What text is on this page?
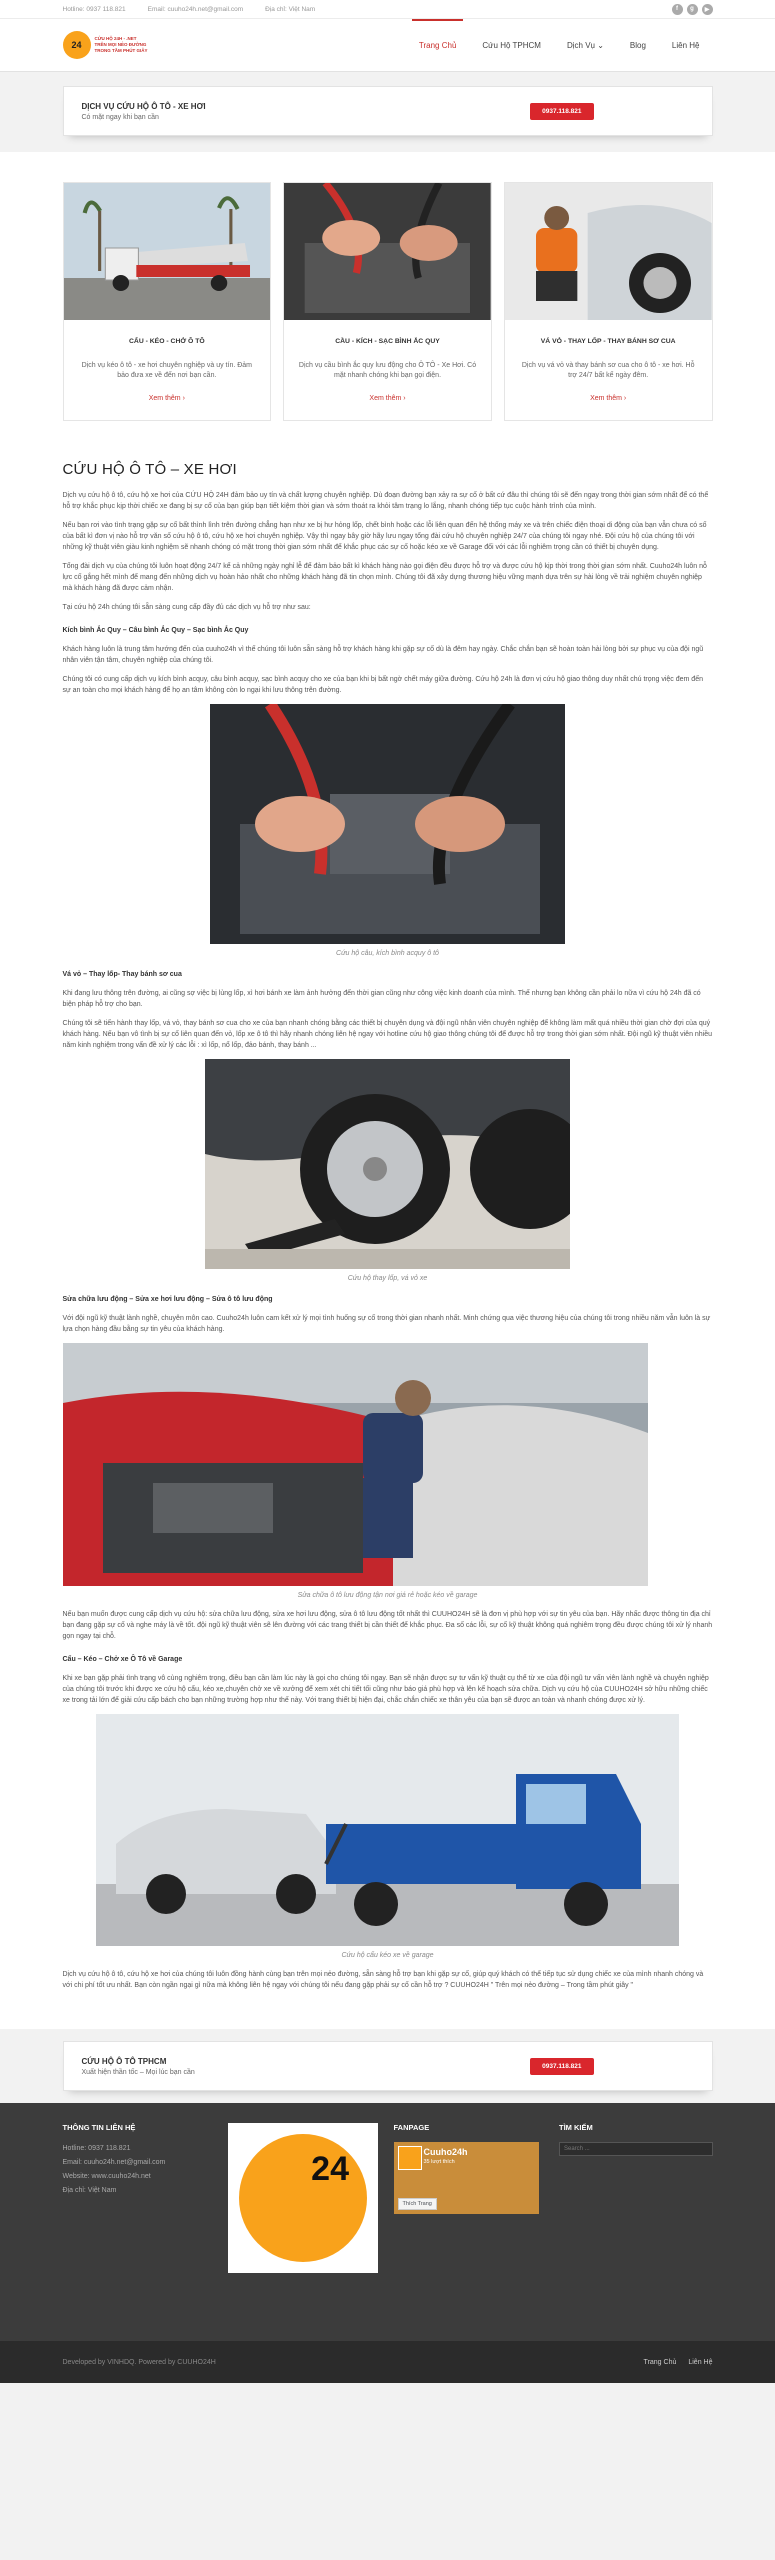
Hotline: 0937 118.821	Email: cuuho24h.net@gmail.com	Địa chỉ: Việt Nam	f	g	▶
24
CỨU HỘ 24H - .NET
TRÊN MỌI NẺO ĐƯỜNG
TRONG TẦM PHÚT GIÂY
Trang Chủ	Cứu Hộ TPHCM	Dịch Vụ ⌄	Blog	Liên Hệ
DỊCH VỤ CỨU HỘ Ô TÔ - XE HƠI
Có mặt ngay khi bạn cần
0937.118.821
CẨU - KÉO - CHỞ Ô TÔ
Dịch vụ kéo ô tô - xe hơi chuyên nghiệp và uy tín. Đảm bảo đưa xe về đến nơi bạn cần.
Xem thêm ›
CẦU - KÍCH - SẠC BÌNH ẮC QUY
Dịch vụ cầu bình ắc quy lưu động cho Ô TÔ - Xe Hơi. Có mặt nhanh chóng khi bạn gọi điện.
Xem thêm ›
VÁ VỎ - THAY LỐP - THAY BÁNH SƠ CUA
Dịch vụ vá vỏ và thay bánh sơ cua cho ô tô - xe hơi. Hỗ trợ 24/7 bất kể ngày đêm.
Xem thêm ›
CỨU HỘ Ô TÔ – XE HƠI

Dịch vụ cứu hộ ô tô, cứu hộ xe hơi của CỨU HỘ 24H đảm bảo uy tín và chất lượng chuyên nghiệp. Dù đoạn đường bạn xảy ra sự cố ở bất cứ đâu thì chúng tôi sẽ đến ngay trong thời gian sớm nhất để có thể hỗ trợ khắc phục kịp thời chiếc xe đang bị sự cố của bạn giúp bạn tiết kiệm thời gian và sớm thoát ra khỏi tâm trạng lo lắng, nhanh chóng tiếp tục cuộc hành trình của mình.

Nếu bạn rơi vào tình trạng gặp sự cố bất thình lình trên đường chẳng hạn như xe bị hư hỏng lốp, chết bình hoặc các lỗi liên quan đến hệ thống máy xe và trên chiếc điện thoại di động của bạn vẫn chưa có số của bất kì đơn vị nào hỗ trợ văn số cứu hộ ô tô, cứu hộ xe hơi chuyên nghiệp. Vậy thì ngay bây giờ hãy lưu ngay tổng đài cứu hộ chuyên nghiệp 24/7 của chúng tôi ngay nhé. Đội cứu hộ của chúng tôi với những kỹ thuật viên giàu kinh nghiệm sẽ nhanh chóng có mặt trong thời gian sớm nhất để khắc phục các sự cố hoặc kéo xe về Garage đối với các lỗi nghiêm trọng cần có thiết bị chuyên dụng.

Tổng đài dịch vụ của chúng tôi luôn hoạt động 24/7 kể cả những ngày nghỉ lễ để đảm bảo bất kì khách hàng nào gọi điện đều được hỗ trợ và được cứu hộ kịp thời trong thời gian sớm nhất. Cuuho24h luôn nỗ lực cố gắng hết mình để mang đến những dịch vụ hoàn hảo nhất cho những khách hàng đã tin chọn mình. Chúng tôi đã xây dựng thương hiệu vững mạnh dựa trên sự hài lòng về trải nghiệm chuyên nghiệp mà khách hàng đã được cảm nhận.

Tại cứu hộ 24h chúng tôi sẵn sàng cung cấp đầy đủ các dịch vụ hỗ trợ như sau:

Kích bình Ắc Quy – Câu bình Ắc Quy – Sạc bình Ắc Quy

Khách hàng luôn là trung tâm hướng đến của cuuho24h vì thế chúng tôi luôn sẵn sàng hỗ trợ khách hàng khi gặp sự cố dù là đêm hay ngày. Chắc chắn bạn sẽ hoàn toàn hài lòng bởi sự phục vụ của đội ngũ nhân viên tận tâm, chuyên nghiệp của chúng tôi.

Chúng tôi có cung cấp dịch vụ kích bình acquy, câu bình acquy, sạc bình acquy cho xe của bạn khi bị bất ngờ chết máy giữa đường. Cứu hộ 24h là đơn vị cứu hộ giao thông duy nhất chú trọng việc đem đến sự an toàn cho mọi khách hàng để họ an tâm không còn lo ngại khi lưu thông trên đường.

Cứu hộ câu, kích bình acquy ô tô

Vá vỏ – Thay lốp- Thay bánh sơ cua

Khi đang lưu thông trên đường, ai cũng sợ việc bị lủng lốp, xì hơi bánh xe làm ảnh hưởng đến thời gian cũng như công việc kinh doanh của mình. Thế nhưng bạn không cần phải lo nữa vì cứu hộ 24h đã có biện pháp hỗ trợ cho bạn.

Chúng tôi sẽ tiến hành thay lốp, vá vỏ, thay bánh sơ cua cho xe của bạn nhanh chóng bằng các thiết bị chuyên dụng và đội ngũ nhân viên chuyên nghiệp để không làm mất quá nhiều thời gian chờ đợi của quý khách hàng. Nếu bạn vô tình bị sự cố liên quan đến vỏ, lốp xe ô tô thì hãy nhanh chóng liên hệ ngay với hotline cứu hộ giao thông chúng tôi để được hỗ trợ trong thời gian sớm nhất. Đội ngũ kỹ thuật viên nhiều năm kinh nghiệm trong vấn đề xử lý các lỗi : xì lốp, nổ lốp, đảo bánh, thay bánh ...

Cứu hộ thay lốp, vá vỏ xe

Sửa chữa lưu động – Sửa xe hơi lưu động – Sửa ô tô lưu động

Với đội ngũ kỹ thuật lành nghề, chuyên môn cao. Cuuho24h luôn cam kết xử lý mọi tình huống sự cố trong thời gian nhanh nhất. Minh chứng qua việc thương hiệu của chúng tôi trong nhiều năm vẫn luôn là sự lựa chọn hàng đầu bằng sự tin yêu của khách hàng.

Sửa chữa ô tô lưu động tận nơi giá rẻ hoặc kéo về garage

Nếu bạn muốn được cung cấp dịch vụ cứu hộ: sửa chữa lưu động, sửa xe hơi lưu động, sửa ô tô lưu động tốt nhất thì CUUHO24H sẽ là đơn vị phù hợp với sự tin yêu của bạn. Hãy nhấc được thông tin địa chỉ bạn đang gặp sự cố và nghe máy là về tốt. đội ngũ kỹ thuật viên sẽ lên đường với các trang thiết bị cần thiết để khắc phục. Đa số các lỗi, sự cố kỹ thuật không quá nghiêm trọng đều được chúng tôi xử lý nhanh gọn ngay tại chỗ.

Cẩu – Kéo – Chở xe Ô Tô về Garage

Khi xe bạn gặp phải tình trạng vô cùng nghiêm trọng, điều bạn cần làm lúc này là gọi cho chúng tôi ngay. Bạn sẽ nhận được sự tư vấn kỹ thuật cụ thể từ xe của đội ngũ tư vấn viên lành nghề và chuyên nghiệp của chúng tôi trước khi được xe cứu hộ cẩu, kéo xe,chuyên chở xe về xưởng để xem xét chi tiết tối cũng như báo giá phù hợp và lên kế hoạch sửa chữa. Dịch vụ cứu hộ của CUUHO24H sở hữu những chiếc xe trong tải lớn để giải cứu cấp bách cho bạn những trường hợp như thế này. Với trang thiết bị hiện đại, chắc chắn chiếc xe thân yêu của bạn sẽ được an toàn và nhanh chóng được xử lý.

Cứu hộ cẩu kéo xe về garage

Dịch vụ cứu hộ ô tô, cứu hộ xe hơi của chúng tôi luôn đồng hành cùng bạn trên mọi nẻo đường, sẵn sàng hỗ trợ bạn khi gặp sự cố, giúp quý khách có thể tiếp tục sử dụng chiếc xe của mình nhanh chóng và với chi phí tốt ưu nhất. Bạn còn ngần ngại gì nữa mà không liên hệ ngay với chúng tôi nếu đang gặp phải sự cố cần hỗ trợ ? CUUHO24H " Trên mọi nẻo đường – Trong tầm phút giây "

CỨU HỘ Ô TÔ TPHCM
Xuất hiện thần tốc – Mọi lúc bạn cần
0937.118.821
THÔNG TIN LIÊN HỆ
Hotline: 0937 118.821
Email: cuuho24h.net@gmail.com
Website: www.cuuho24h.net
Địa chỉ: Việt Nam
24
FANPAGE
Cuuho24h
35 lượt thích
Thích Trang
TÌM KIẾM
Search ...
Developed by VINHDQ. Powered by CUUHO24H	Trang Chủ Liên Hệ
